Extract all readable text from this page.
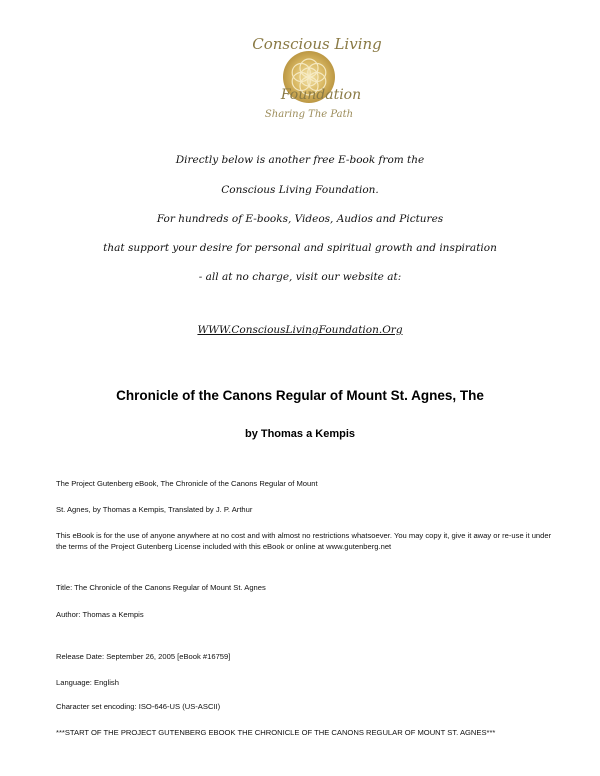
Conscious Living
Foundation
Sharing The Path
Directly below is another free E-book from the
Conscious Living Foundation.
For hundreds of E-books, Videos, Audios and Pictures
that support your desire for personal and spiritual growth and inspiration
- all at no charge, visit our website at:
WWW.ConsciousLivingFoundation.Org
Chronicle of the Canons Regular of Mount St. Agnes, The
by Thomas a Kempis
The Project Gutenberg eBook, The Chronicle of the Canons Regular of Mount
St. Agnes, by Thomas a Kempis, Translated by J. P. Arthur
This eBook is for the use of anyone anywhere at no cost and with almost no restrictions whatsoever. You may copy it, give it away or re-use it under the terms of the Project Gutenberg License included with this eBook or online at www.gutenberg.net
Title: The Chronicle of the Canons Regular of Mount St. Agnes
Author: Thomas a Kempis
Release Date: September 26, 2005 [eBook #16759]
Language: English
Character set encoding: ISO-646-US (US-ASCII)
***START OF THE PROJECT GUTENBERG EBOOK THE CHRONICLE OF THE CANONS REGULAR OF MOUNT ST. AGNES***
